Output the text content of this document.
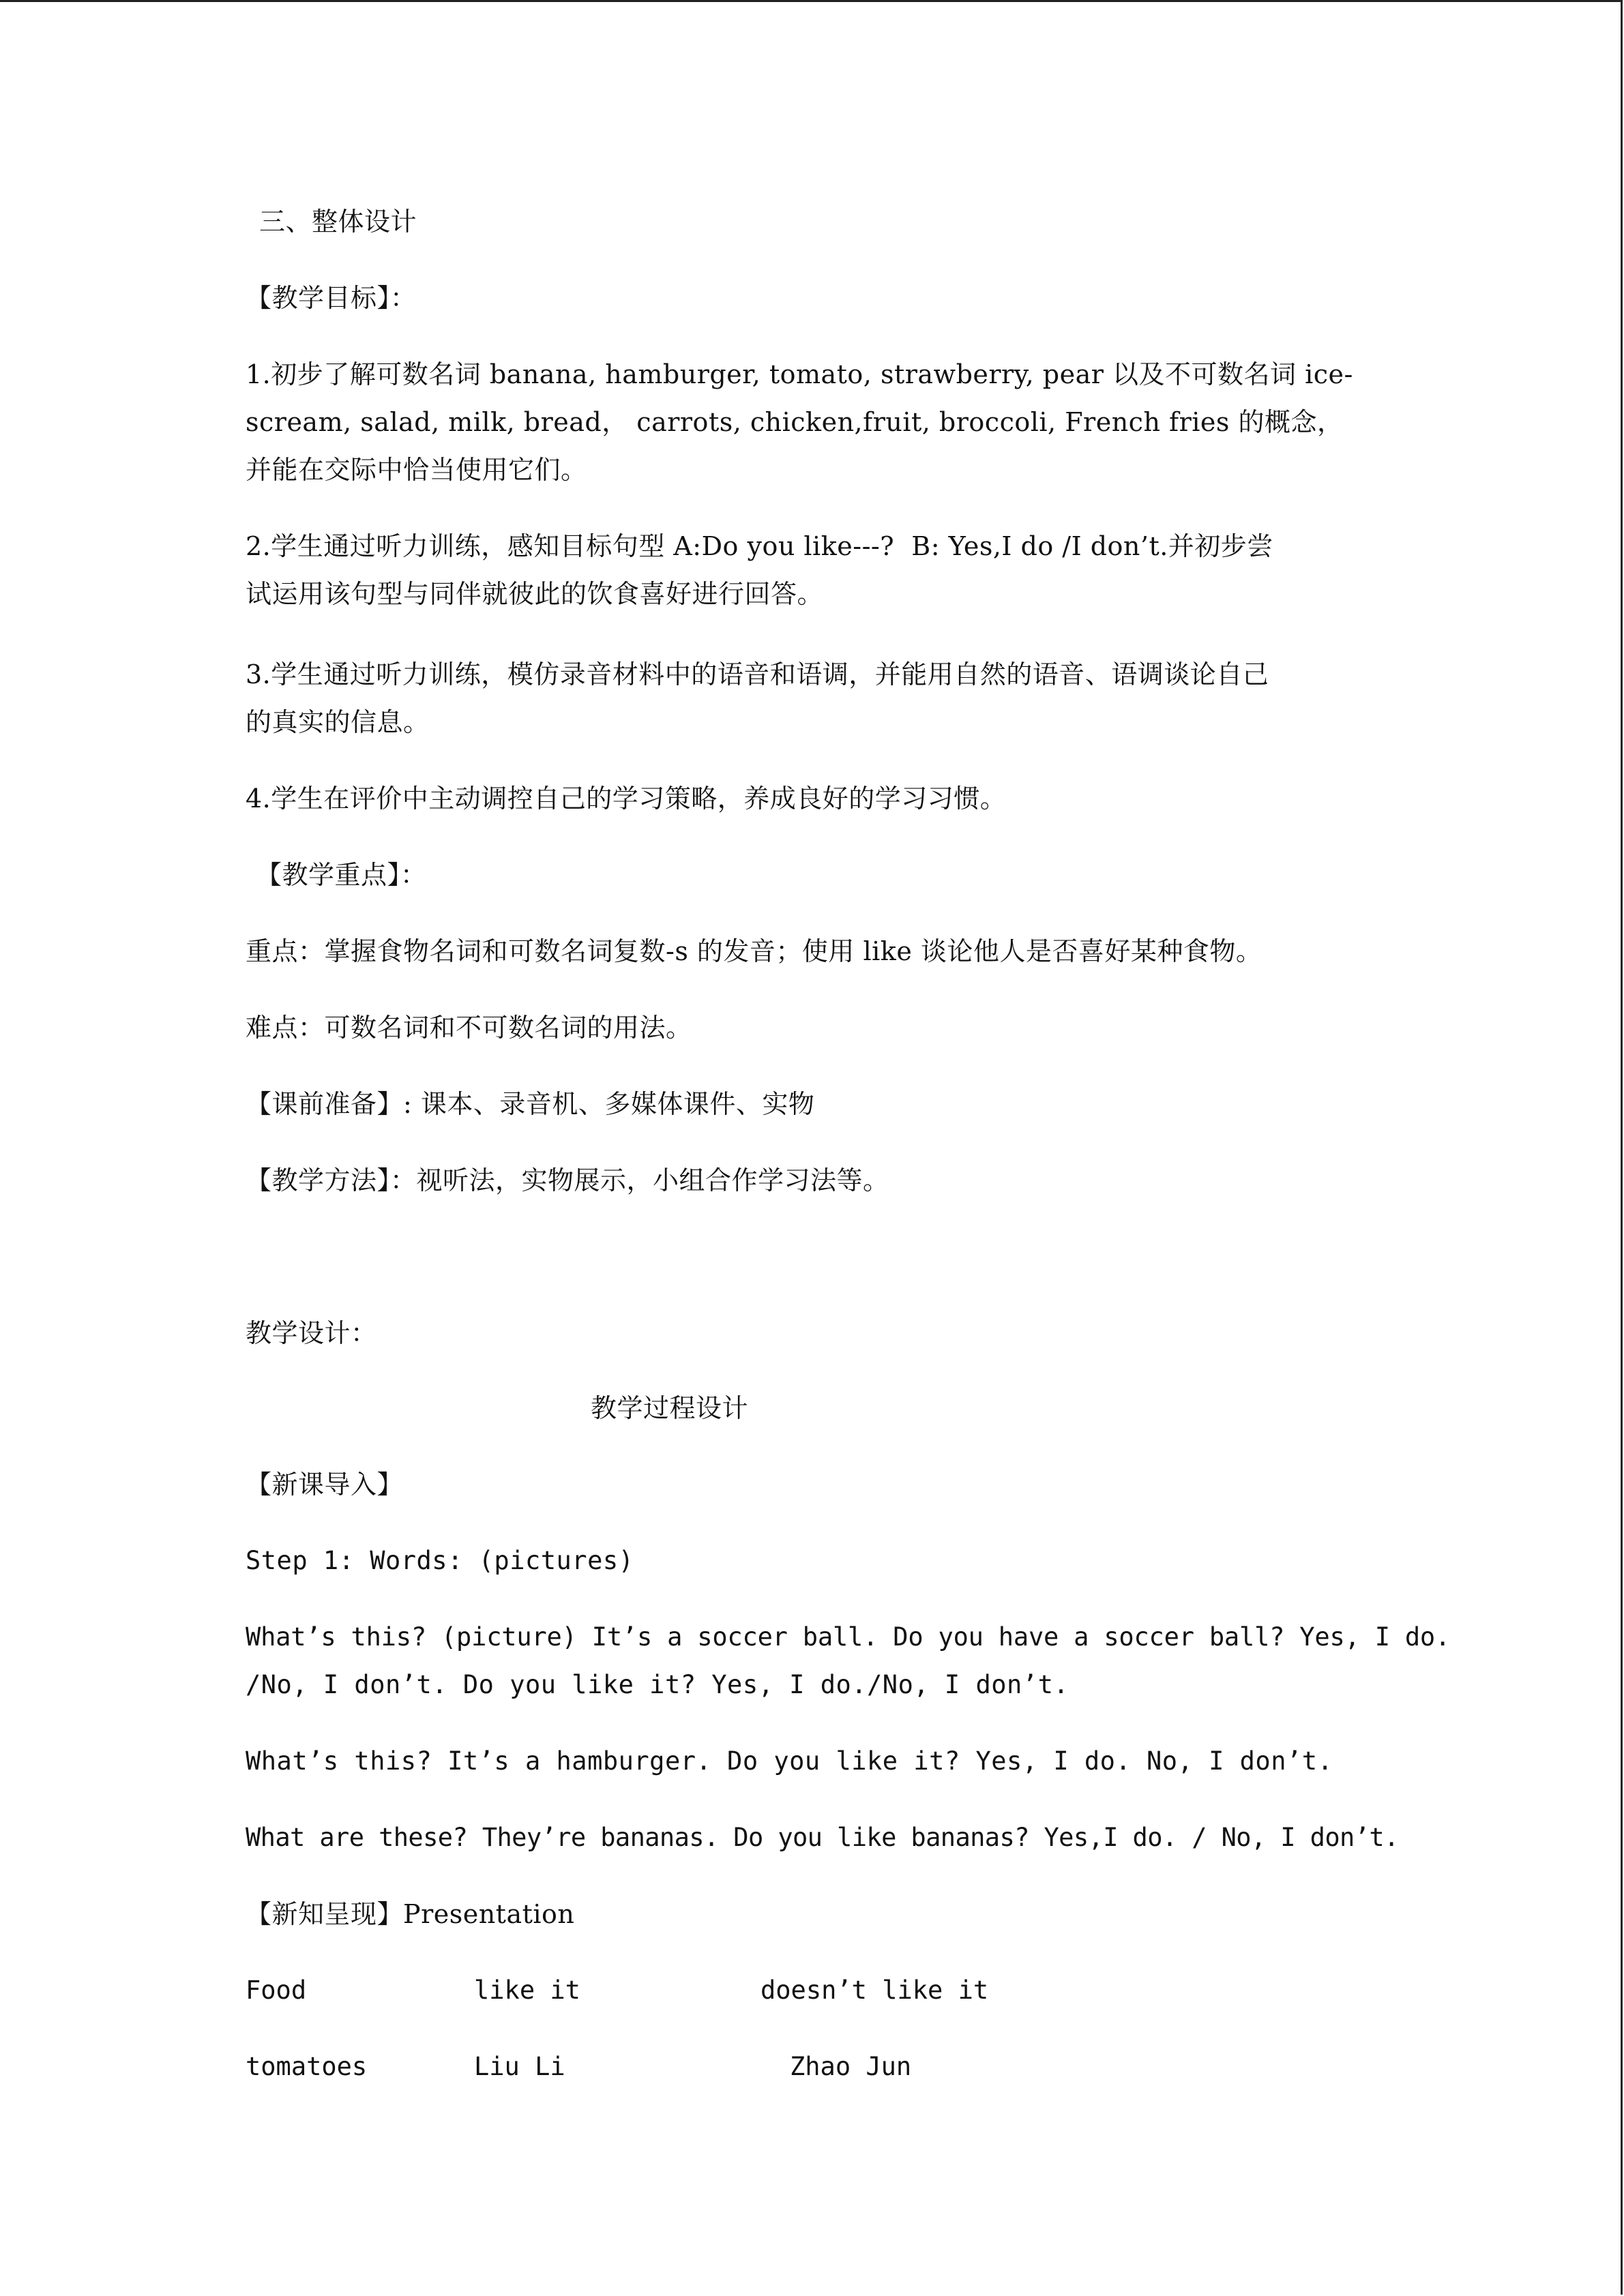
三、整体设计
【教学目标】：
1.初步了解可数名词 banana, hamburger, tomato, strawberry, pear 以及不可数名词 ice-
scream, salad, milk, bread， carrots, chicken,fruit, broccoli, French fries 的概念，
并能在交际中恰当使用它们。
2.学生通过听力训练，感知目标句型 A:Do you like---?  B: Yes,I do /I don’t.并初步尝
试运用该句型与同伴就彼此的饮食喜好进行回答。
3.学生通过听力训练，模仿录音材料中的语音和语调，并能用自然的语音、语调谈论自己
的真实的信息。
4.学生在评价中主动调控自己的学习策略，养成良好的学习习惯。
【教学重点】：
重点：掌握食物名词和可数名词复数-s 的发音；使用 like 谈论他人是否喜好某种食物。
难点：可数名词和不可数名词的用法。
【课前准备】: 课本、录音机、多媒体课件、实物
【教学方法】：视听法，实物展示，小组合作学习法等。
教学设计：
教学过程设计
【新课导入】
Step 1: Words: (pictures)
What’s this? (picture) It’s a soccer ball. Do you have a soccer ball? Yes, I do.
/No, I don’t. Do you like it? Yes, I do./No, I don’t.
What’s this? It’s a hamburger. Do you like it? Yes, I do. No, I don’t.
What are these? They’re bananas. Do you like bananas? Yes,I do. / No, I don’t.
【新知呈现】Presentation
Food	like it	doesn’t like it
tomatoes	Liu Li	Zhao Jun
